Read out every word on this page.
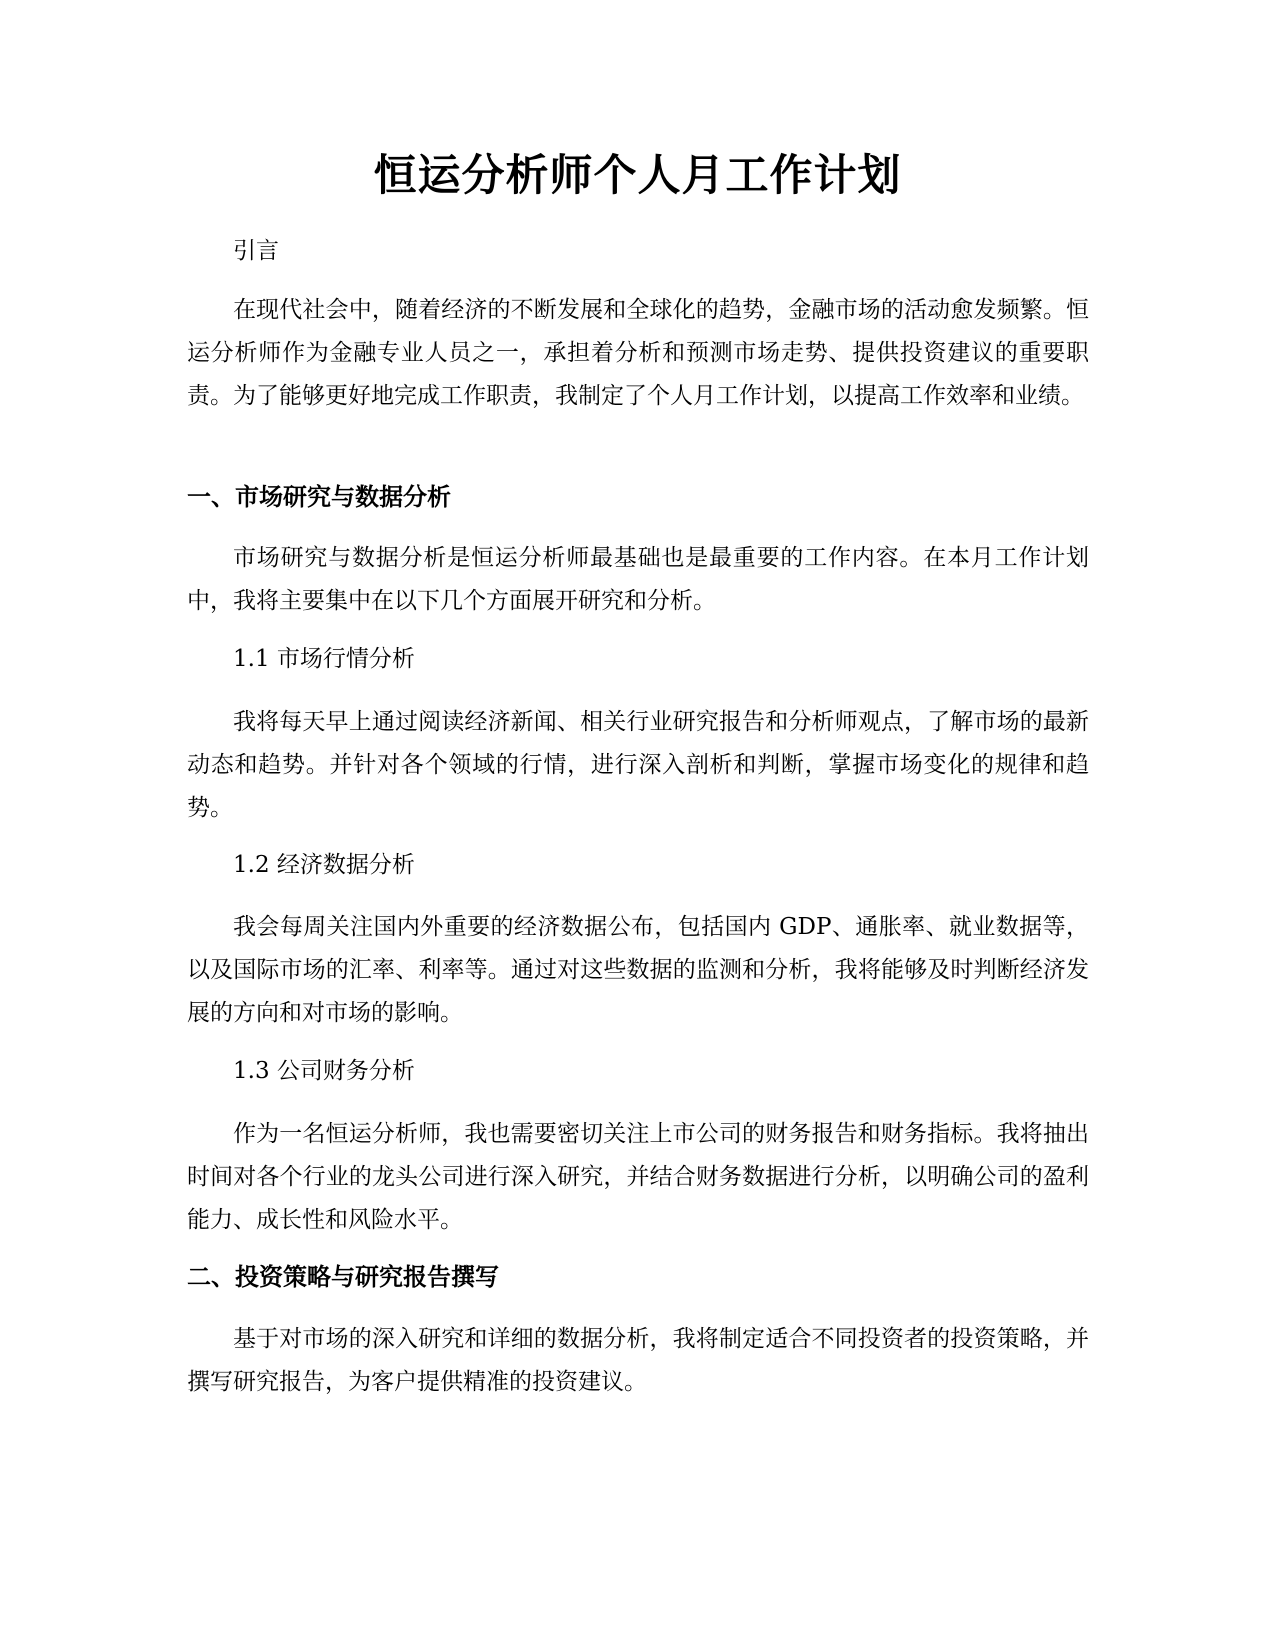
恒运分析师个人月工作计划

引言

在现代社会中，随着经济的不断发展和全球化的趋势，金融市场的活动愈发频繁。恒运分析师作为金融专业人员之一，承担着分析和预测市场走势、提供投资建议的重要职责。为了能够更好地完成工作职责，我制定了个人月工作计划，以提高工作效率和业绩。

一、市场研究与数据分析

市场研究与数据分析是恒运分析师最基础也是最重要的工作内容。在本月工作计划中，我将主要集中在以下几个方面展开研究和分析。

1.1 市场行情分析

我将每天早上通过阅读经济新闻、相关行业研究报告和分析师观点，了解市场的最新动态和趋势。并针对各个领域的行情，进行深入剖析和判断，掌握市场变化的规律和趋势。

1.2 经济数据分析

我会每周关注国内外重要的经济数据公布，包括国内 GDP、通胀率、就业数据等，以及国际市场的汇率、利率等。通过对这些数据的监测和分析，我将能够及时判断经济发展的方向和对市场的影响。

1.3 公司财务分析

作为一名恒运分析师，我也需要密切关注上市公司的财务报告和财务指标。我将抽出时间对各个行业的龙头公司进行深入研究，并结合财务数据进行分析，以明确公司的盈利能力、成长性和风险水平。

二、投资策略与研究报告撰写

基于对市场的深入研究和详细的数据分析，我将制定适合不同投资者的投资策略，并撰写研究报告，为客户提供精准的投资建议。
